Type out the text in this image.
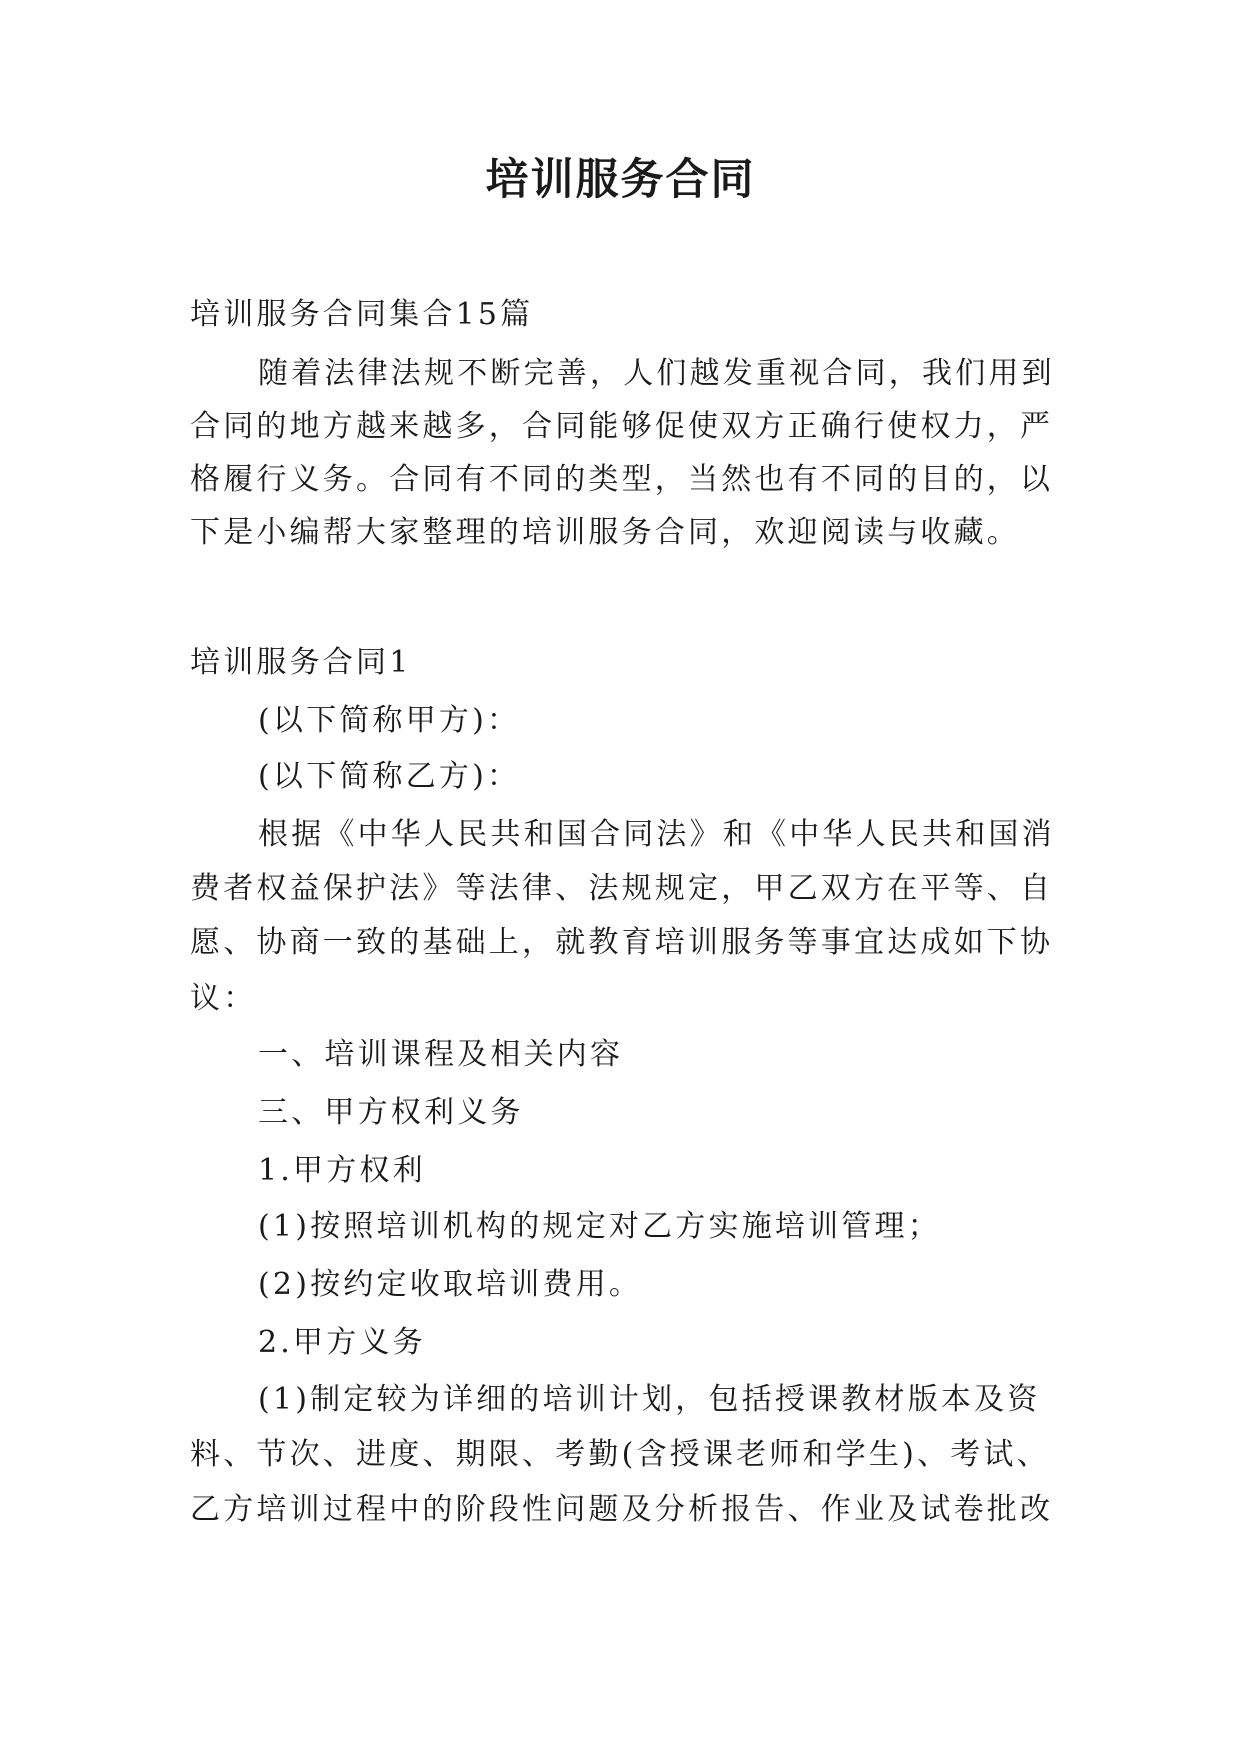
培训服务合同

培训服务合同集合15篇

随着法律法规不断完善，人们越发重视合同，我们用到

合同的地方越来越多，合同能够促使双方正确行使权力，严

格履行义务。合同有不同的类型，当然也有不同的目的，以

下是小编帮大家整理的培训服务合同，欢迎阅读与收藏。

培训服务合同1

(以下简称甲方)：

(以下简称乙方)：

根据《中华人民共和国合同法》和《中华人民共和国消

费者权益保护法》等法律、法规规定，甲乙双方在平等、自

愿、协商一致的基础上，就教育培训服务等事宜达成如下协

议：

一、培训课程及相关内容

三、甲方权利义务

1.甲方权利

(1)按照培训机构的规定对乙方实施培训管理；

(2)按约定收取培训费用。

2.甲方义务

(1)制定较为详细的培训计划，包括授课教材版本及资

料、节次、进度、期限、考勤(含授课老师和学生)、考试、

乙方培训过程中的阶段性问题及分析报告、作业及试卷批改
